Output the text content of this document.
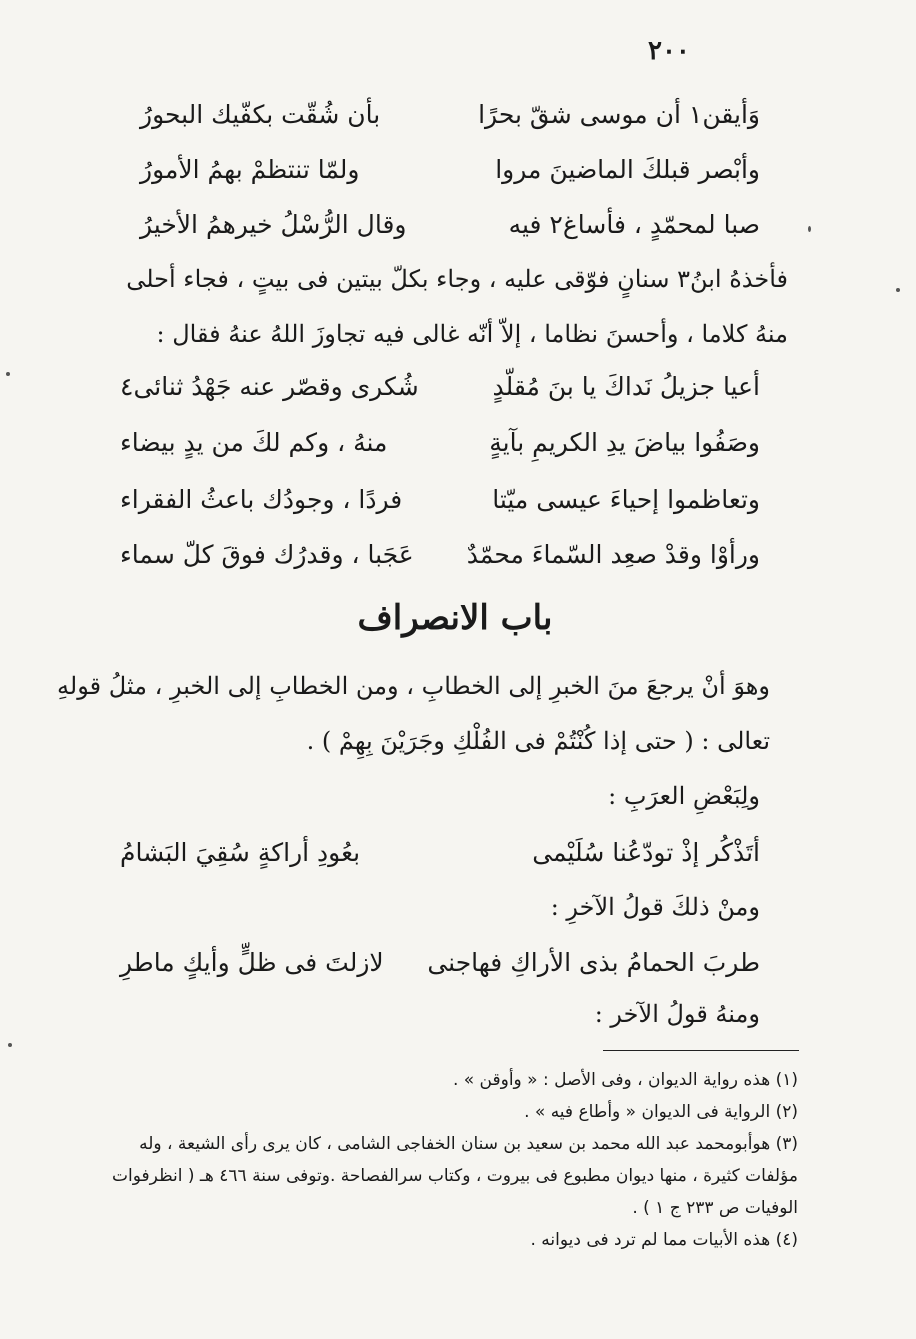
٢٠٠
وَأيقن١ أن موسى شقّ بحرًا
بأن شُقّت بكفّيك البحورُ
وأبْصر قبلكَ الماضينَ مروا
ولمّا تنتظمْ بهمُ الأمورُ
صبا لمحمّدٍ ، فأساغ٢ فيه
وقال الرُّسْلُ خيرهمُ الأخيرُ
فأخذهُ ابنُ٣ سنانٍ فوّقى عليه ، وجاء بكلّ بيتين فى بيتٍ ، فجاء أحلى
منهُ كلاما ، وأحسنَ نظاما ، إلاّ أنّه غالى فيه تجاوزَ اللهُ عنهُ فقال :
أعيا جزيلُ نَداكَ يا بنَ مُقلّدٍ
شُكرى وقصّر عنه جَهْدُ ثنائى٤
وصَفُوا بياضَ يدِ الكريمِ بآيةٍ
منهُ ، وكم لكَ من يدٍ بيضاء
وتعاظموا إحياءَ عيسى ميّتا
فردًا ، وجودُك باعثُ الفقراء
ورأوْا وقدْ صعِد السّماءَ محمّدٌ
عَجَبا ، وقدرُك فوقَ كلّ سماء
باب الانصراف
وهوَ أنْ يرجعَ منَ الخبرِ إلى الخطابِ ، ومن الخطابِ إلى الخبرِ ، مثلُ قولهِ
تعالى : ( حتى إذا كُنْتُمْ فى الفُلْكِ وجَرَيْنَ بِهِمْ ) .
ولِبَعْضِ العرَبِ :
أتَذْكُر إذْ تودّعُنا سُلَيْمى
بعُودِ أراكةٍ سُقِيَ البَشامُ
ومنْ ذلكَ قولُ الآخرِ :
طربَ الحمامُ بذى الأراكِ فهاجنى
لازلتَ فى ظلٍّ وأيكٍ ماطرِ
ومنهُ قولُ الآخر :
(١) هذه رواية الديوان ، وفى الأصل : « وأوقن » .
(٢) الرواية فى الديوان « وأطاع فيه » .
(٣) هوأبومحمد عبد الله محمد بن سعيد بن سنان الخفاجى الشامى ، كان يرى رأى الشيعة ، وله
مؤلفات كثيرة ، منها ديوان مطبوع فى بيروت ، وكتاب سرالفصاحة .وتوفى سنة ٤٦٦ هـ ( انظرفوات
الوفيات ص ٢٣٣ ج ١ ) .
(٤) هذه الأبيات مما لم ترد فى ديوانه .
